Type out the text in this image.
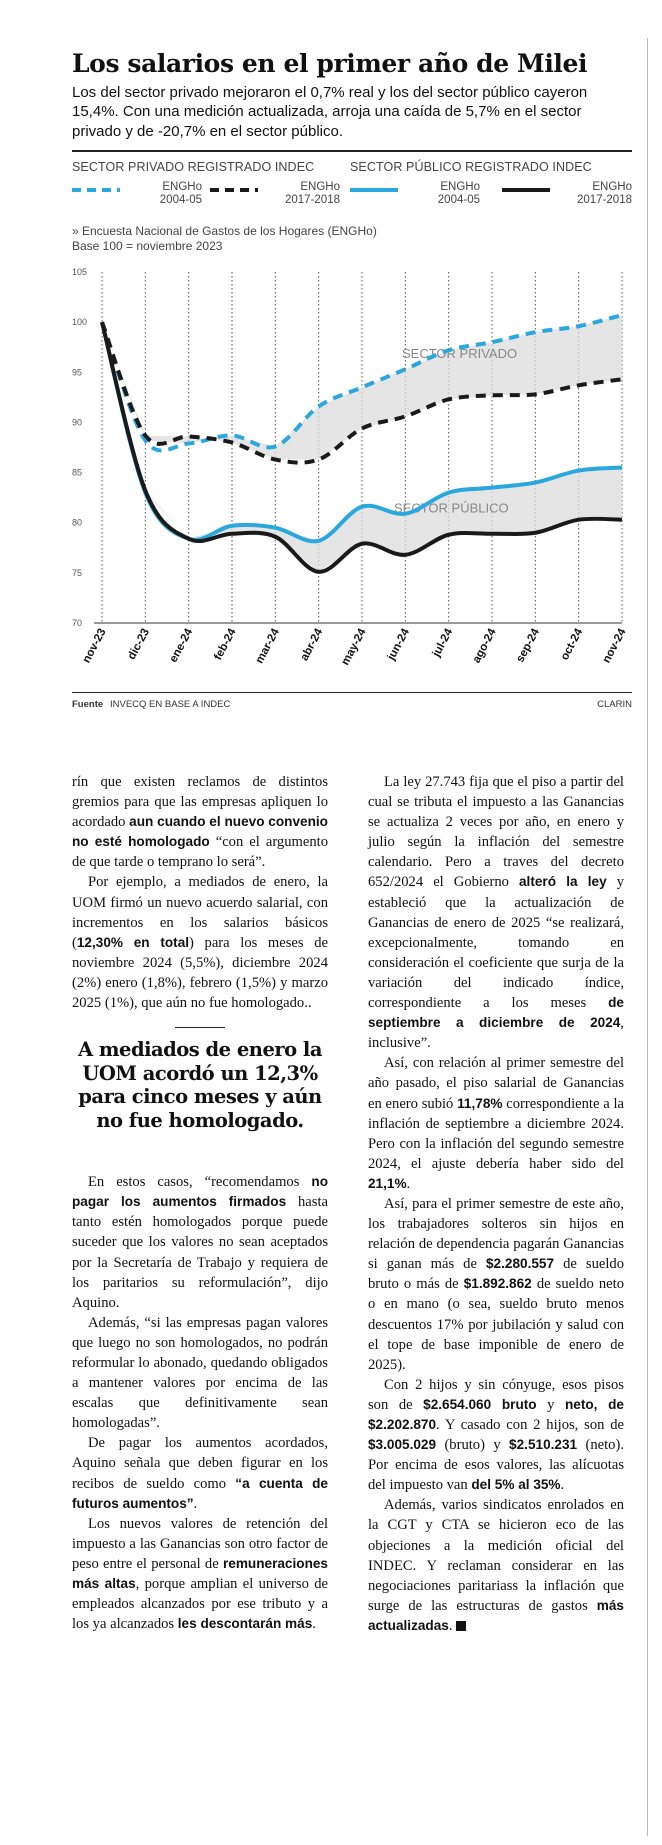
Los salarios en el primer año de Milei

Los del sector privado mejoraron el 0,7% real y los del sector público cayeron 15,4%. Con una medición actualizada, arroja una caída de 5,7% en el sector privado y de -20,7% en el sector público.

SECTOR PRIVADO REGISTRADO INDEC	SECTOR PÚBLICO REGISTRADO INDEC
ENGHo
2004-05
ENGHo
2017-2018
ENGHo
2004-05
ENGHo
2017-2018
» Encuesta Nacional de Gastos de los Hogares (ENGHo)
Base 100 = noviembre 2023
70
75
80
85
90
95
100
105
SECTOR PRIVADO
SECTOR PÚBLICO
nov-23 dic-23 ene-24 feb-24 mar-24 abr-24 may-24 jun-24 jul-24 ago-24 sep-24 oct-24 nov-24
Fuente INVECQ EN BASE A INDEC	CLARIN

rín que existen reclamos de distintos gremios para que las empresas apliquen lo acordado aun cuando el nuevo convenio no esté homologado “con el argumento de que tarde o temprano lo será”.

Por ejemplo, a mediados de enero, la UOM firmó un nuevo acuerdo salarial, con incrementos en los salarios básicos (12,30% en total) para los meses de noviembre 2024 (5,5%), diciembre 2024 (2%) enero (1,8%), febrero (1,5%) y marzo 2025 (1%), que aún no fue homologado..

A mediados de enero la UOM acordó un 12,3% para cinco meses y aún no fue homologado.

En estos casos, “recomendamos no pagar los aumentos firmados hasta tanto estén homologados porque puede suceder que los valores no sean aceptados por la Secretaría de Trabajo y requiera de los paritarios su reformulación”, dijo Aquino.

Además, “si las empresas pagan valores que luego no son homologados, no podrán reformular lo abonado, quedando obligados a mantener valores por encima de las escalas que definitivamente sean homologadas”.

De pagar los aumentos acordados, Aquino señala que deben figurar en los recibos de sueldo como “a cuenta de futuros aumentos”.

Los nuevos valores de retención del impuesto a las Ganancias son otro factor de peso entre el personal de remuneraciones más altas, porque amplian el universo de empleados alcanzados por ese tributo y a los ya alcanzados les descontarán más.

La ley 27.743 fija que el piso a partir del cual se tributa el impuesto a las Ganancias se actualiza 2 veces por año, en enero y julio según la inflación del semestre calendario. Pero a traves del decreto 652/2024 el Gobierno alteró la ley y estableció que la actualización de Ganancias de enero de 2025 “se realizará, excepcionalmente, tomando en consideración el coeficiente que surja de la variación del indicado índice, correspondiente a los meses de septiembre a diciembre de 2024, inclusive”.

Así, con relación al primer semestre del año pasado, el piso salarial de Ganancias en enero subió 11,78% correspondiente a la inflación de septiembre a diciembre 2024. Pero con la inflación del segundo semestre 2024, el ajuste debería haber sido del 21,1%.

Así, para el primer semestre de este año, los trabajadores solteros sin hijos en relación de dependencia pagarán Ganancias si ganan más de $2.280.557 de sueldo bruto o más de $1.892.862 de sueldo neto o en mano (o sea, sueldo bruto menos descuentos 17% por jubilación y salud con el tope de base imponible de enero de 2025).

Con 2 hijos y sin cónyuge, esos pisos son de $2.654.060 bruto y neto, de $2.202.870. Y casado con 2 hijos, son de $3.005.029 (bruto) y $2.510.231 (neto). Por encima de esos valores, las alícuotas del impuesto van del 5% al 35%.

Además, varios sindicatos enrolados en la CGT y CTA se hicieron eco de las objeciones a la medición oficial del INDEC. Y reclaman considerar en las negociaciones paritariass la inflación que surge de las estructuras de gastos más actualizadas.
